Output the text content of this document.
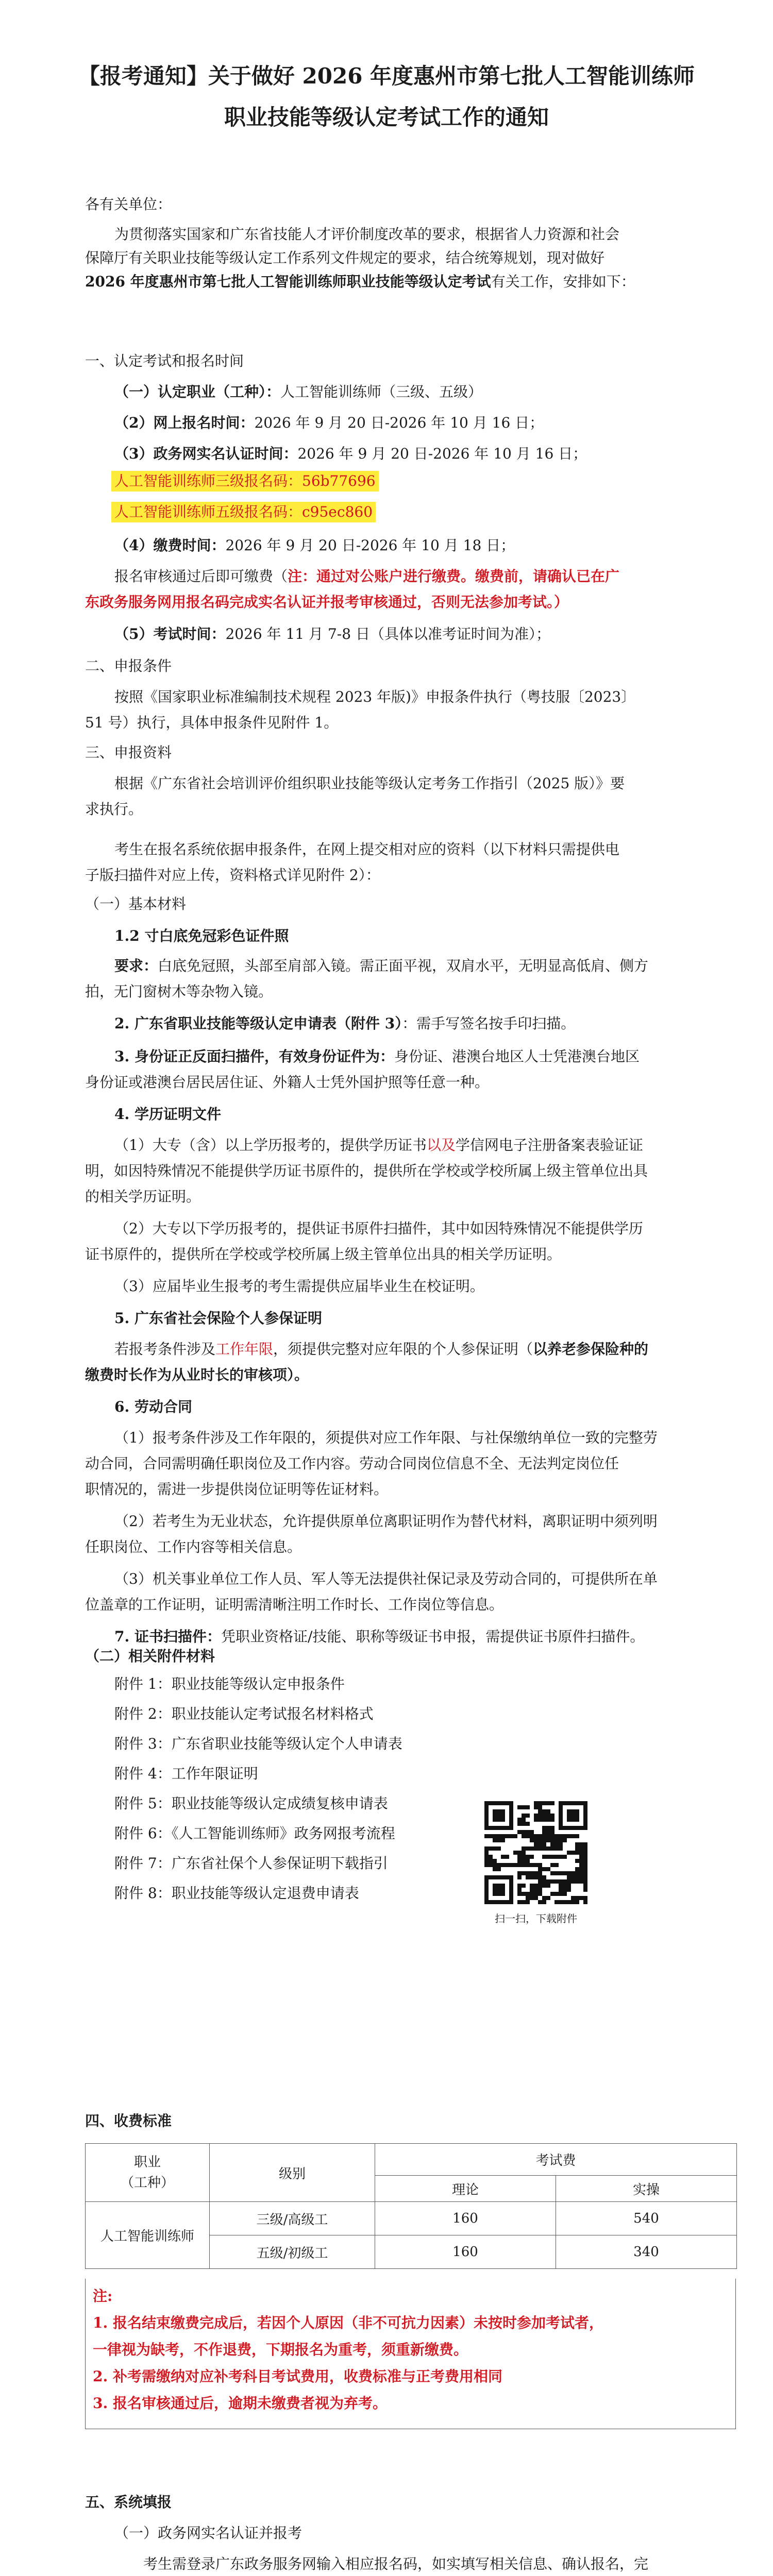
【报考通知】关于做好 2026 年度惠州市第七批人工智能训练师
职业技能等级认定考试工作的通知
各有关单位：
为贯彻落实国家和广东省技能人才评价制度改革的要求，根据省人力资源和社会
保障厅有关职业技能等级认定工作系列文件规定的要求，结合统筹规划，现对做好
2026 年度惠州市第七批人工智能训练师职业技能等级认定考试有关工作，安排如下：
一、认定考试和报名时间
（一）认定职业（工种）：人工智能训练师（三级、五级）
（2）网上报名时间：2026 年 9 月 20 日-2026 年 10 月 16 日；
（3）政务网实名认证时间：2026 年 9 月 20 日-2026 年 10 月 16 日；
人工智能训练师三级报名码：56b77696
人工智能训练师五级报名码：c95ec860
（4）缴费时间：2026 年 9 月 20 日-2026 年 10 月 18 日；
报名审核通过后即可缴费（注：通过对公账户进行缴费。缴费前，请确认已在广
东政务服务网用报名码完成实名认证并报考审核通过，否则无法参加考试。）
（5）考试时间：2026 年 11 月 7-8 日（具体以准考证时间为准）；
二、申报条件
按照《国家职业标准编制技术规程 2023 年版)》申报条件执行（粤技服〔2023〕
51 号）执行，具体申报条件见附件 1。
三、申报资料
根据《广东省社会培训评价组织职业技能等级认定考务工作指引（2025 版）》要
求执行。
考生在报名系统依据申报条件，在网上提交相对应的资料（以下材料只需提供电
子版扫描件对应上传，资料格式详见附件 2）：
（一）基本材料
1.2 寸白底免冠彩色证件照
要求：白底免冠照，头部至肩部入镜。需正面平视，双肩水平，无明显高低肩、侧方
拍，无门窗树木等杂物入镜。
2. 广东省职业技能等级认定申请表（附件 3）：需手写签名按手印扫描。
3. 身份证正反面扫描件，有效身份证件为：身份证、港澳台地区人士凭港澳台地区
身份证或港澳台居民居住证、外籍人士凭外国护照等任意一种。
4. 学历证明文件
（1）大专（含）以上学历报考的，提供学历证书以及学信网电子注册备案表验证证
明，如因特殊情况不能提供学历证书原件的，提供所在学校或学校所属上级主管单位出具
的相关学历证明。
（2）大专以下学历报考的，提供证书原件扫描件，其中如因特殊情况不能提供学历
证书原件的，提供所在学校或学校所属上级主管单位出具的相关学历证明。
（3）应届毕业生报考的考生需提供应届毕业生在校证明。
5. 广东省社会保险个人参保证明
若报考条件涉及工作年限，须提供完整对应年限的个人参保证明（以养老参保险种的
缴费时长作为从业时长的审核项）。
6. 劳动合同
（1）报考条件涉及工作年限的，须提供对应工作年限、与社保缴纳单位一致的完整劳
动合同，合同需明确任职岗位及工作内容。劳动合同岗位信息不全、无法判定岗位任
职情况的，需进一步提供岗位证明等佐证材料。
（2）若考生为无业状态，允许提供原单位离职证明作为替代材料，离职证明中须列明
任职岗位、工作内容等相关信息。
（3）机关事业单位工作人员、军人等无法提供社保记录及劳动合同的，可提供所在单
位盖章的工作证明，证明需清晰注明工作时长、工作岗位等信息。
7. 证书扫描件：凭职业资格证/技能、职称等级证书申报，需提供证书原件扫描件。
（二）相关附件材料
附件 1：职业技能等级认定申报条件
附件 2：职业技能认定考试报名材料格式
附件 3：广东省职业技能等级认定个人申请表
附件 4：工作年限证明
附件 5：职业技能等级认定成绩复核申请表
附件 6：《人工智能训练师》政务网报考流程
附件 7：广东省社保个人参保证明下载指引
附件 8：职业技能等级认定退费申请表
扫一扫，下载附件
四、收费标准
职业
（工种）	级别	考试费	
		理论	实操
人工智能训练师	三级/高级工	160	540
	五级/初级工	160	340
注:
1. 报名结束缴费完成后，若因个人原因（非不可抗力因素）未按时参加考试者，
一律视为缺考，不作退费，下期报名为重考，须重新缴费。
2. 补考需缴纳对应补考科目考试费用，收费标准与正考费用相同
3. 报名审核通过后，逾期未缴费者视为弃考。
五、系统填报
（一）政务网实名认证并报考
考生需登录广东政务服务网输入相应报名码，如实填写相关信息、确认报名，完
